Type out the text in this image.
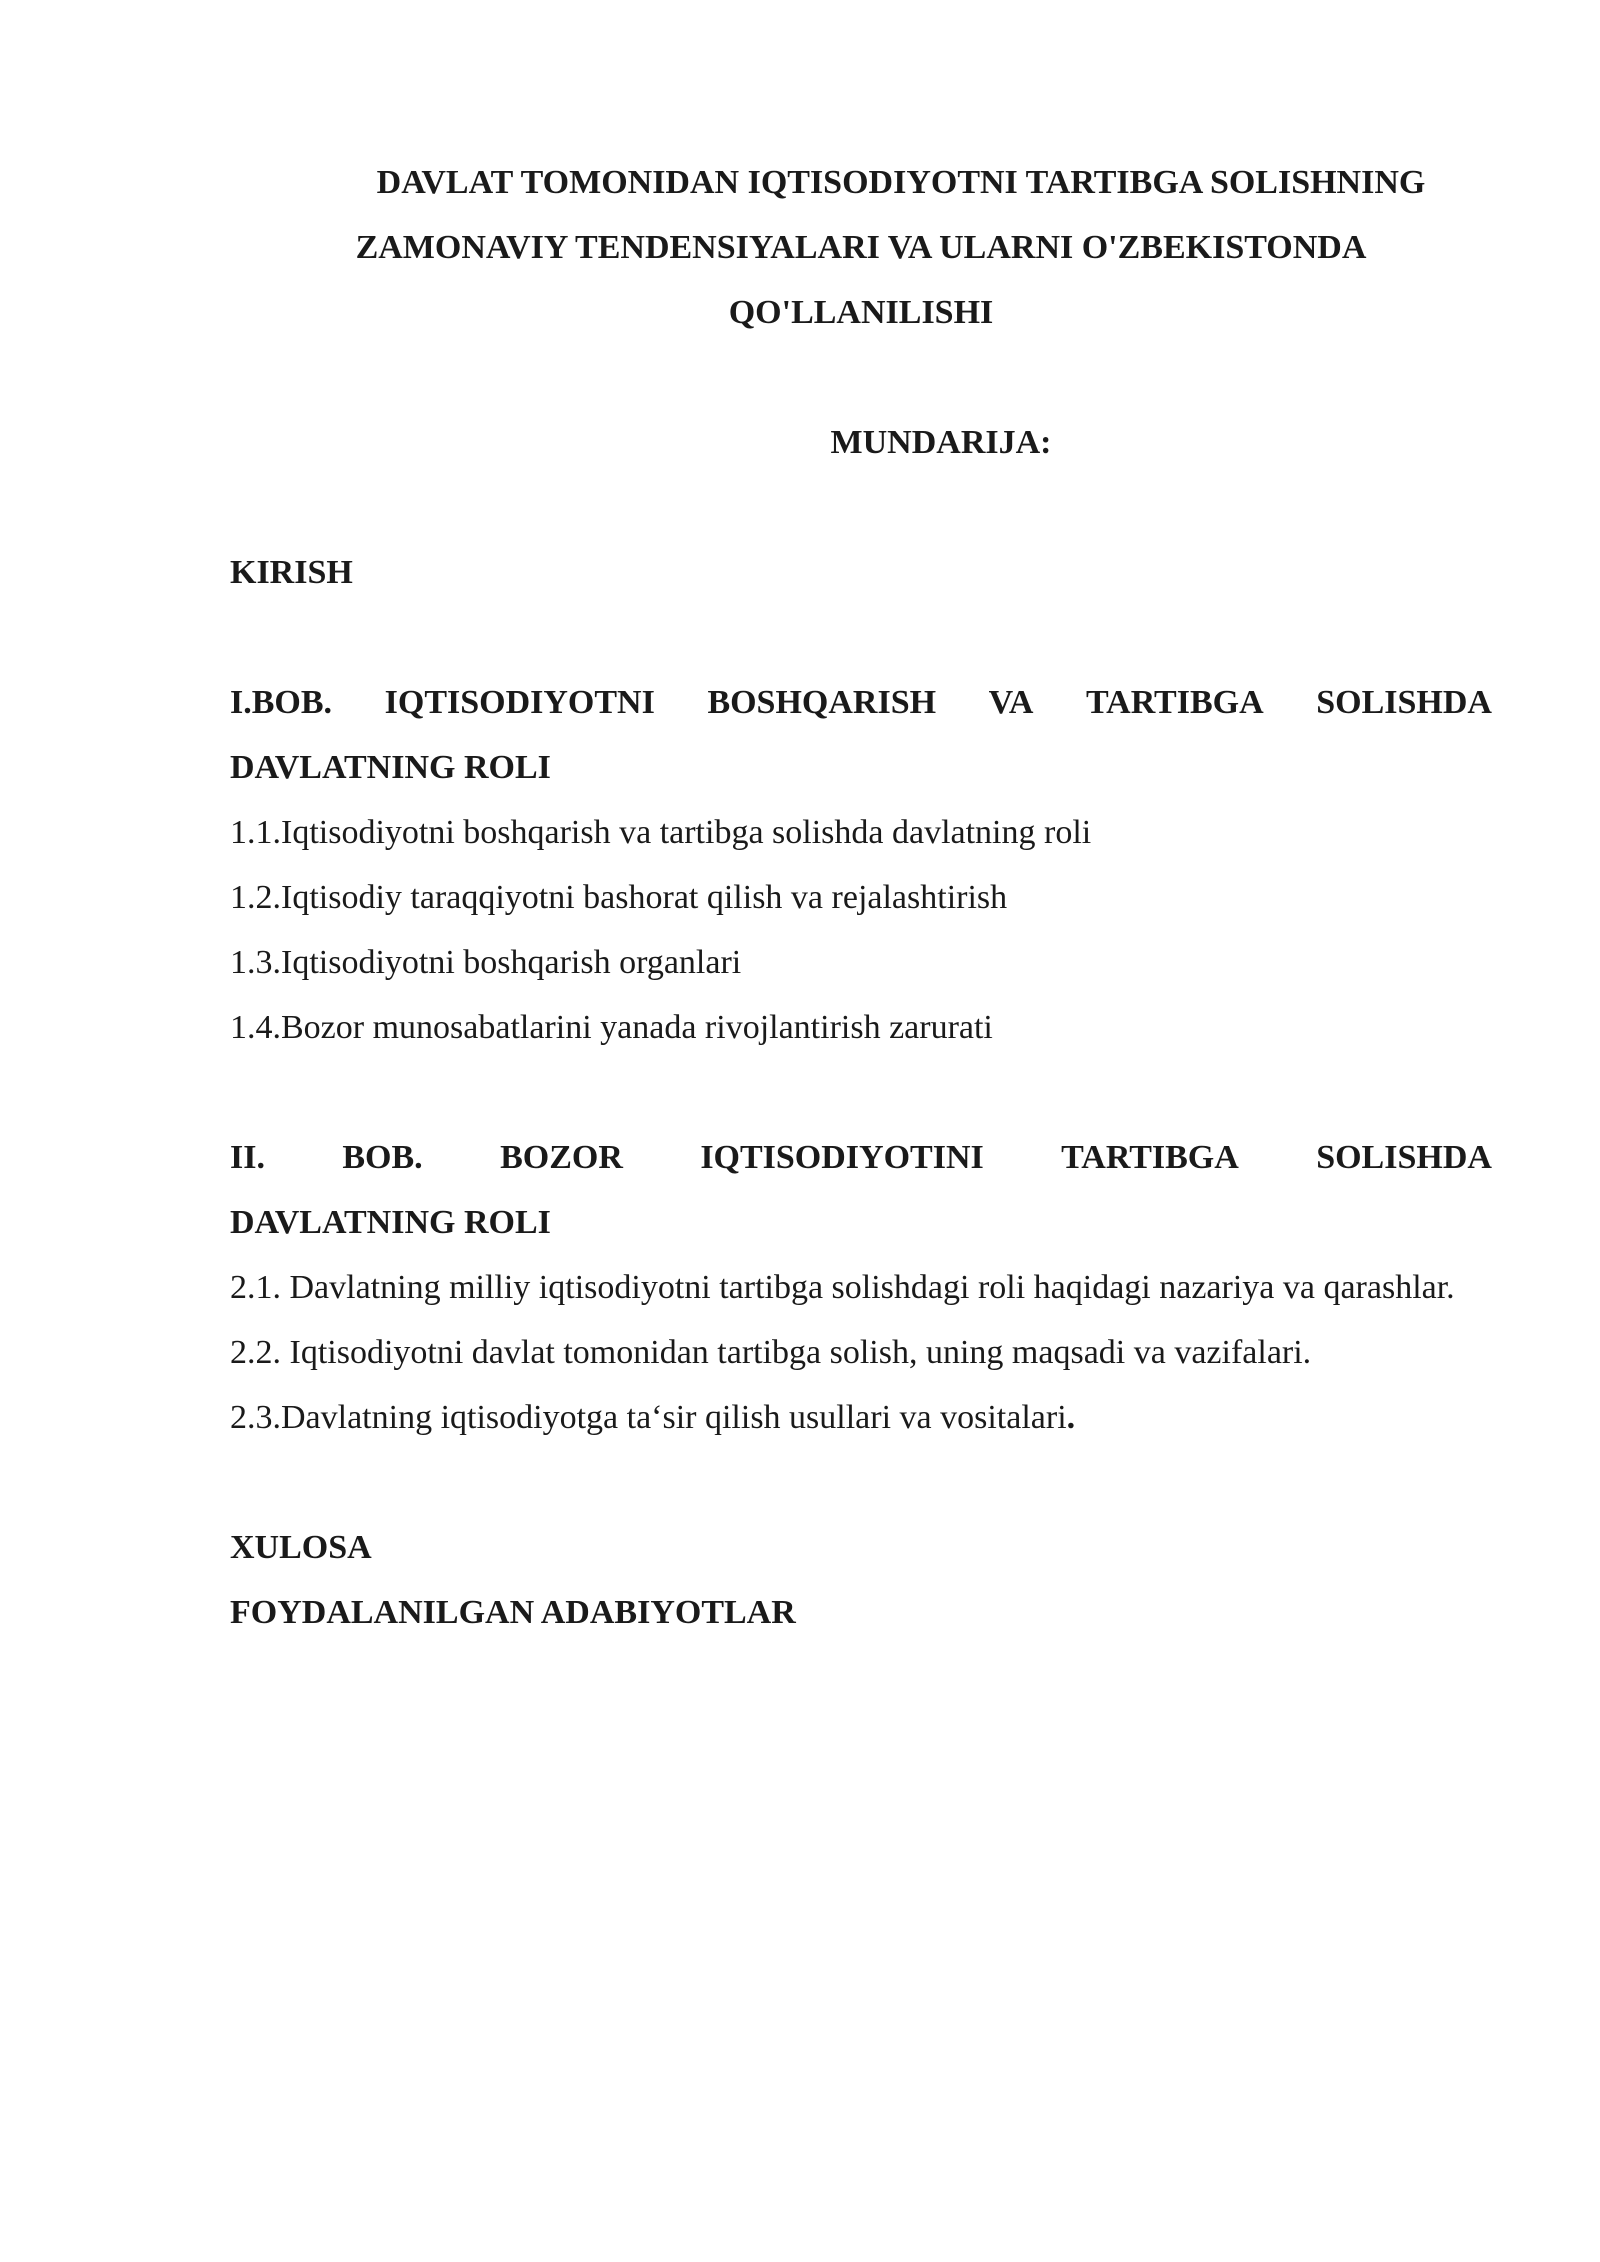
DAVLAT TOMONIDAN IQTISODIYOTNI TARTIBGA SOLISHNING
ZAMONAVIY TENDENSIYALARI VA ULARNI O'ZBEKISTONDA
QO'LLANILISHI

MUNDARIJA:

KIRISH

I.BOB. IQTISODIYOTNI BOSHQARISH VA TARTIBGA SOLISHDA
DAVLATNING ROLI

1.1.Iqtisodiyotni boshqarish va tartibga solishda davlatning roli

1.2.Iqtisodiy taraqqiyotni bashorat qilish va rejalashtirish

1.3.Iqtisodiyotni boshqarish organlari

1.4.Bozor munosabatlarini yanada rivojlantirish zarurati

II. BOB. BOZOR IQTISODIYOTINI TARTIBGA SOLISHDA
DAVLATNING ROLI

2.1. Davlatning milliy iqtisodiyotni tartibga solishdagi roli haqidagi nazariya va qarashlar.

2.2. Iqtisodiyotni davlat tomonidan tartibga solish, uning maqsadi va vazifalari.

2.3.Davlatning iqtisodiyotga ta‘sir qilish usullari va vositalari.

XULOSA

FOYDALANILGAN ADABIYOTLAR
